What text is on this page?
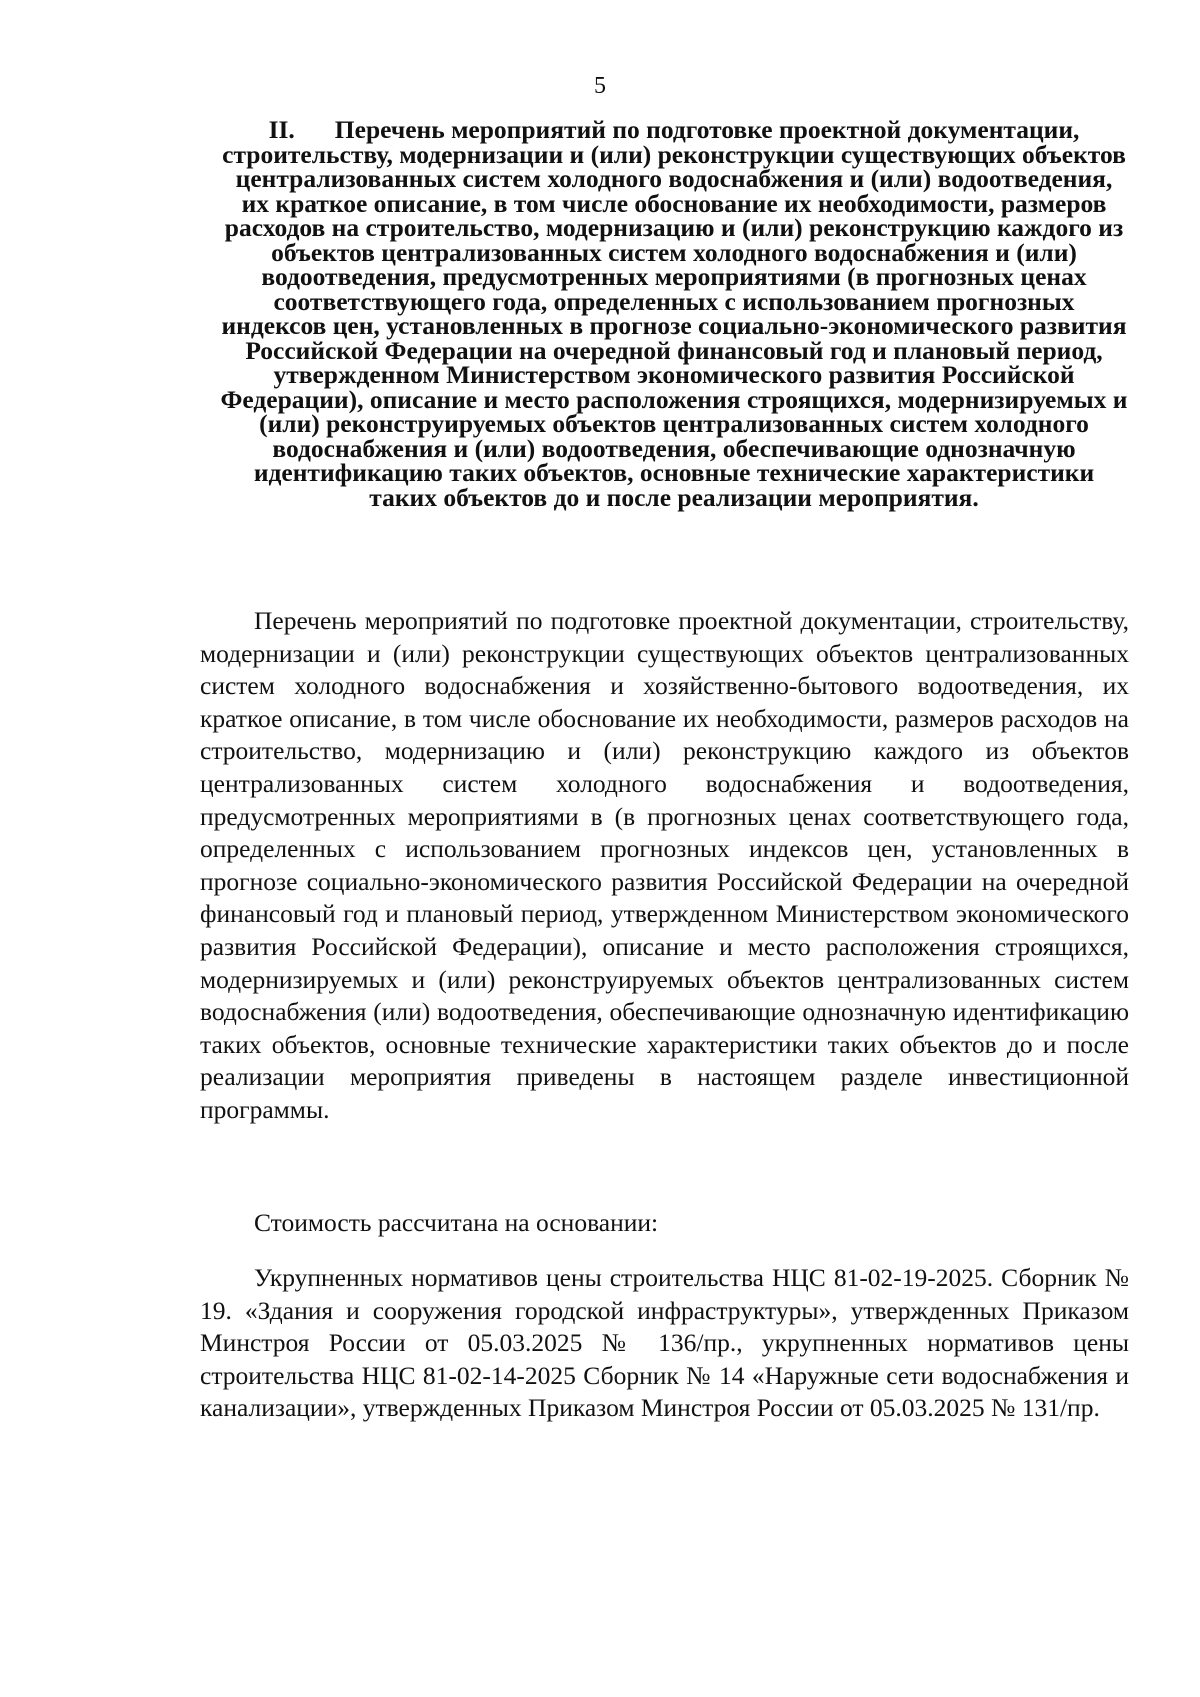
5
II. Перечень мероприятий по подготовке проектной документации, строительству, модернизации и (или) реконструкции существующих объектов централизованных систем холодного водоснабжения и (или) водоотведения, их краткое описание, в том числе обоснование их необходимости, размеров расходов на строительство, модернизацию и (или) реконструкцию каждого из объектов централизованных систем холодного водоснабжения и (или) водоотведения, предусмотренных мероприятиями (в прогнозных ценах соответствующего года, определенных с использованием прогнозных индексов цен, установленных в прогнозе социально-экономического развития Российской Федерации на очередной финансовый год и плановый период, утвержденном Министерством экономического развития Российской Федерации), описание и место расположения строящихся, модернизируемых и (или) реконструируемых объектов централизованных систем холодного водоснабжения и (или) водоотведения, обеспечивающие однозначную идентификацию таких объектов, основные технические характеристики таких объектов до и после реализации мероприятия.

Перечень мероприятий по подготовке проектной документации, строительству, модернизации и (или) реконструкции существующих объектов централизованных систем холодного водоснабжения и хозяйственно-бытового водоотведения, их краткое описание, в том числе обоснование их необходимости, размеров расходов на строительство, модернизацию и (или) реконструкцию каждого из объектов централизованных систем холодного водоснабжения и водоотведения, предусмотренных мероприятиями в (в прогнозных ценах соответствующего года, определенных с использованием прогнозных индексов цен, установленных в прогнозе социально-экономического развития Российской Федерации на очередной финансовый год и плановый период, утвержденном Министерством экономического развития Российской Федерации), описание и место расположения строящихся, модернизируемых и (или) реконструируемых объектов централизованных систем водоснабжения (или) водоотведения, обеспечивающие однозначную идентификацию таких объектов, основные технические характеристики таких объектов до и после реализации мероприятия приведены в настоящем разделе инвестиционной программы.

Стоимость рассчитана на основании:

Укрупненных нормативов цены строительства НЦС 81-02-19-2025. Сборник № 19. «Здания и сооружения городской инфраструктуры», утвержденных Приказом Минстроя России от 05.03.2025 № 136/пр., укрупненных нормативов цены строительства НЦС 81-02-14-2025 Сборник № 14 «Наружные сети водоснабжения и канализации», утвержденных Приказом Минстроя России от 05.03.2025 № 131/пр.
